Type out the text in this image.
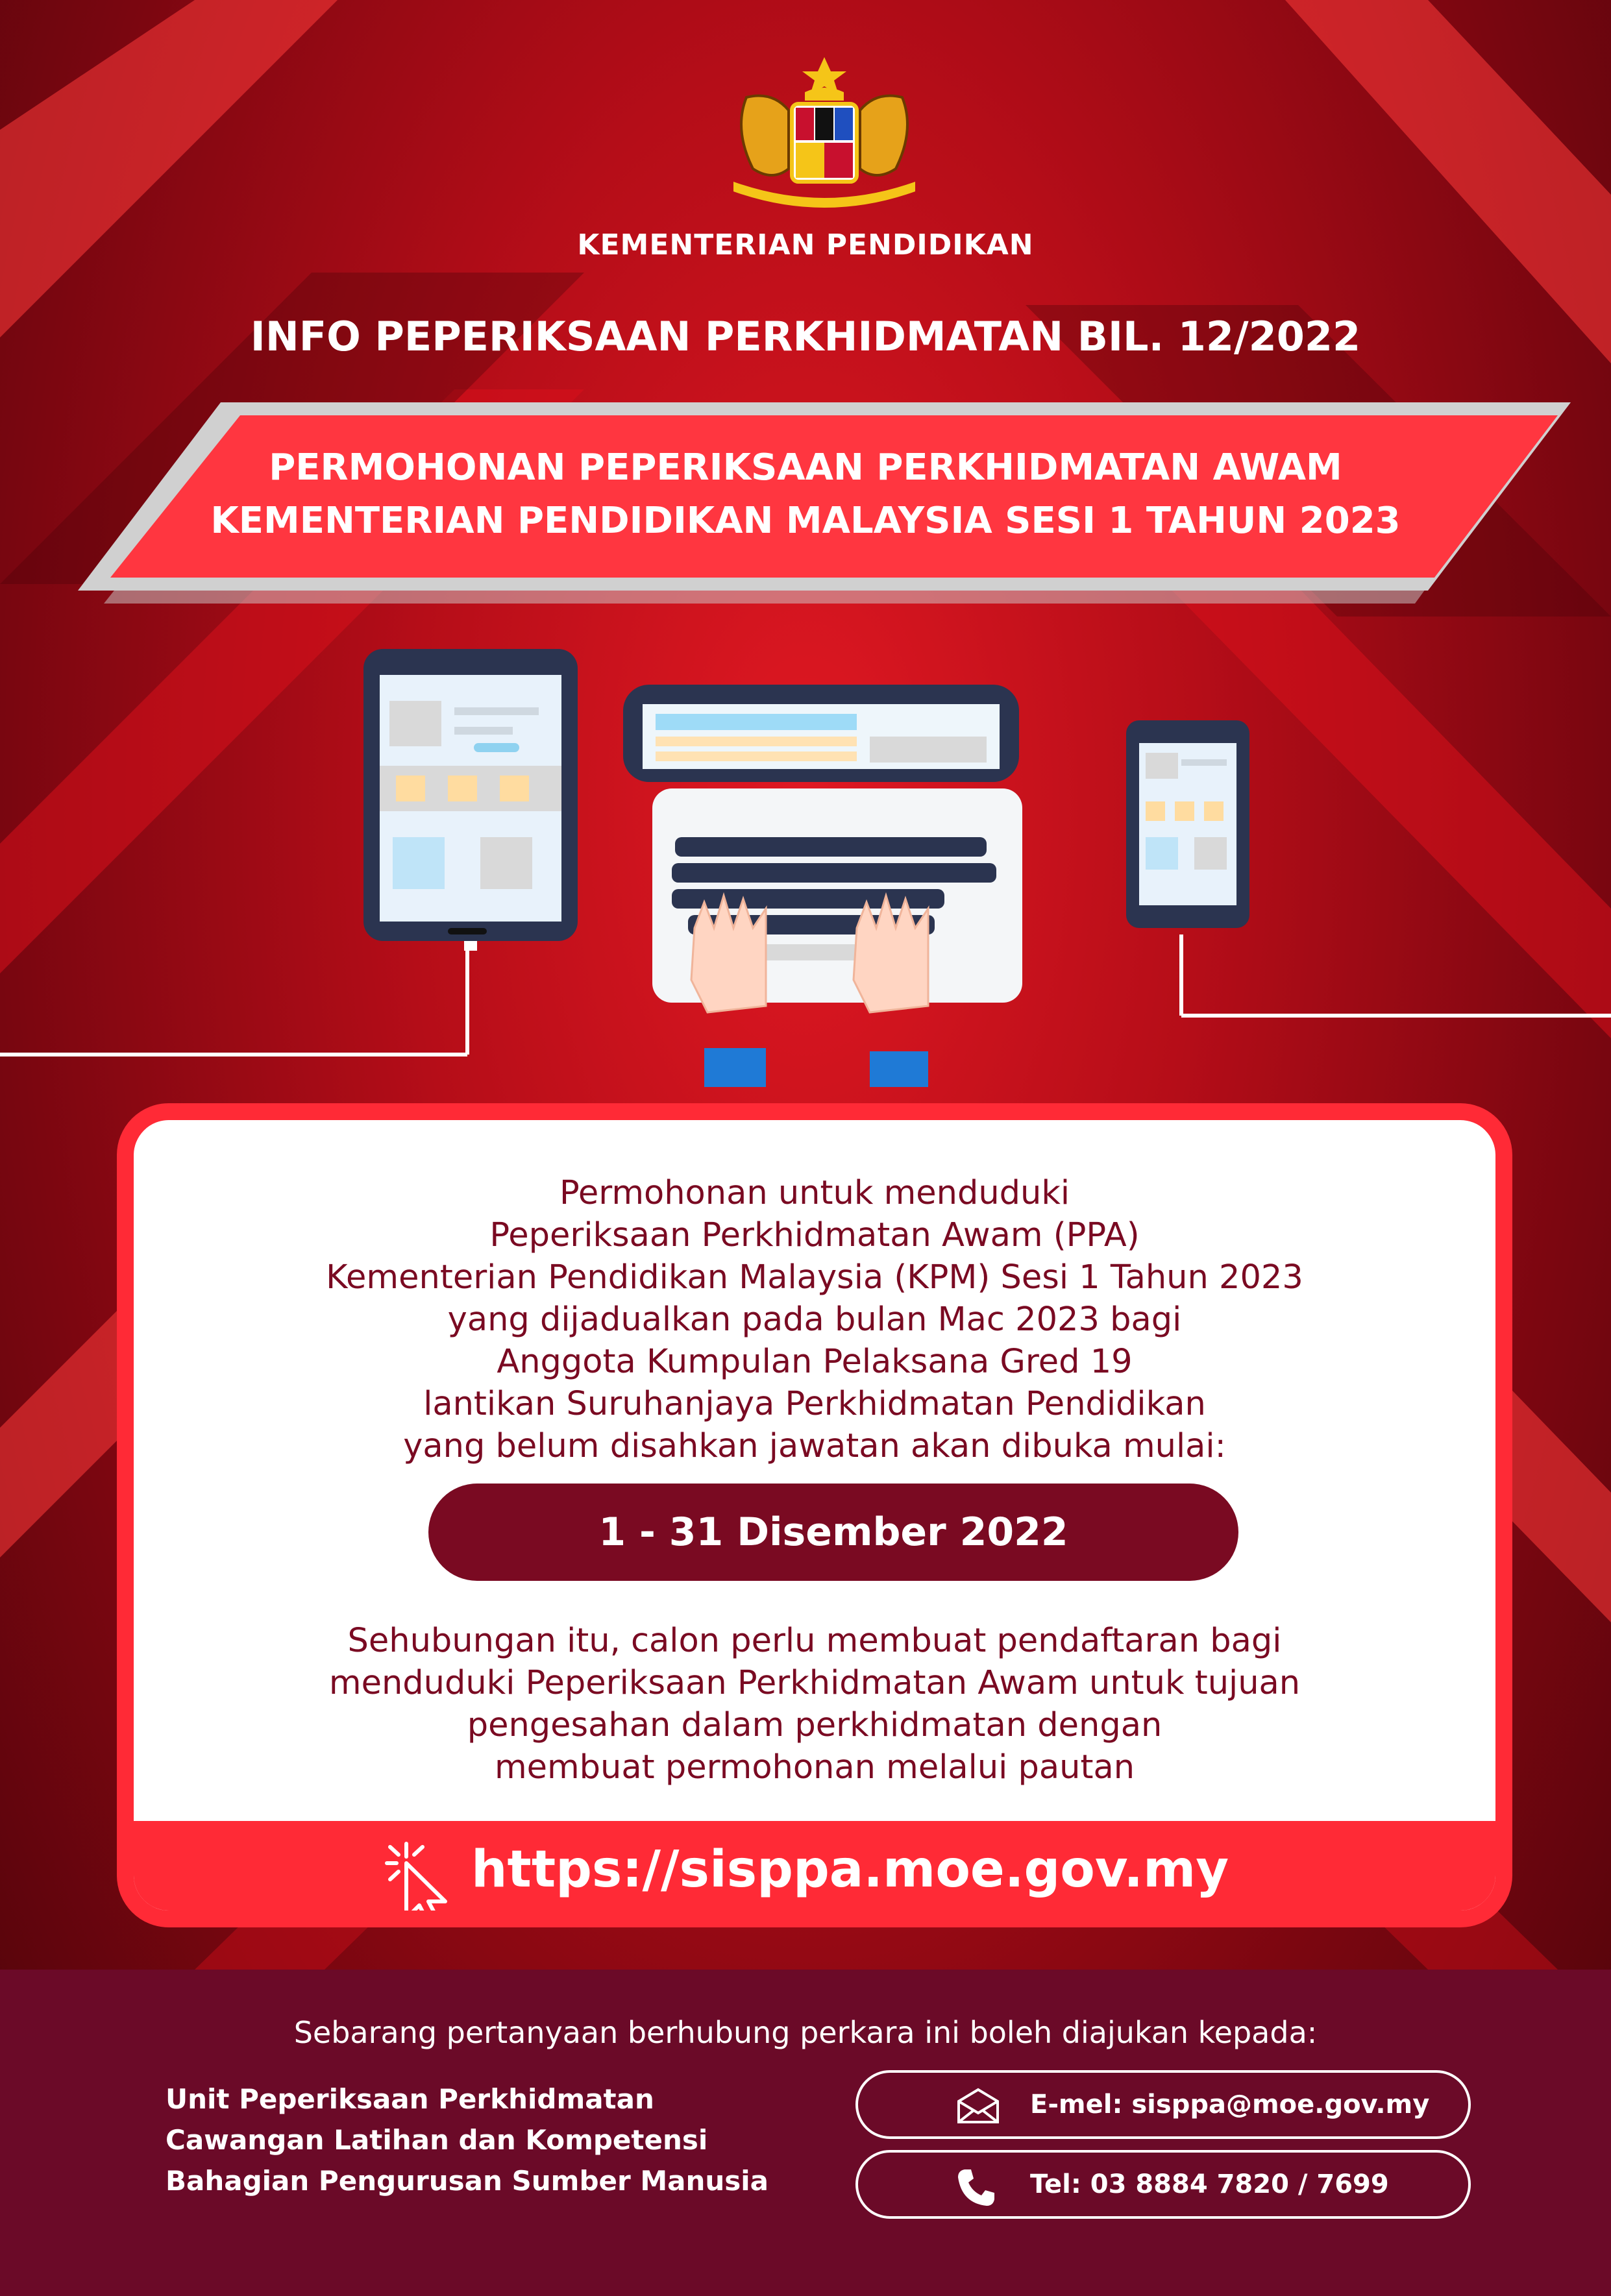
KEMENTERIAN PENDIDIKAN
INFO PEPERIKSAAN PERKHIDMATAN BIL. 12/2022
PERMOHONAN PEPERIKSAAN PERKHIDMATAN AWAM
KEMENTERIAN PENDIDIKAN MALAYSIA SESI 1 TAHUN 2023
Permohonan untuk menduduki
Peperiksaan Perkhidmatan Awam (PPA)
Kementerian Pendidikan Malaysia (KPM) Sesi 1 Tahun 2023
yang dijadualkan pada bulan Mac 2023 bagi
Anggota Kumpulan Pelaksana Gred 19
lantikan Suruhanjaya Perkhidmatan Pendidikan
yang belum disahkan jawatan akan dibuka mulai:
1 - 31 Disember 2022
Sehubungan itu, calon perlu membuat pendaftaran bagi
menduduki Peperiksaan Perkhidmatan Awam untuk tujuan
pengesahan dalam perkhidmatan dengan
membuat permohonan melalui pautan
https://sisppa.moe.gov.my
Sebarang pertanyaan berhubung perkara ini boleh diajukan kepada:
Unit Peperiksaan Perkhidmatan
Cawangan Latihan dan Kompetensi
Bahagian Pengurusan Sumber Manusia
E-mel: sisppa@moe.gov.my
Tel: 03 8884 7820 / 7699
